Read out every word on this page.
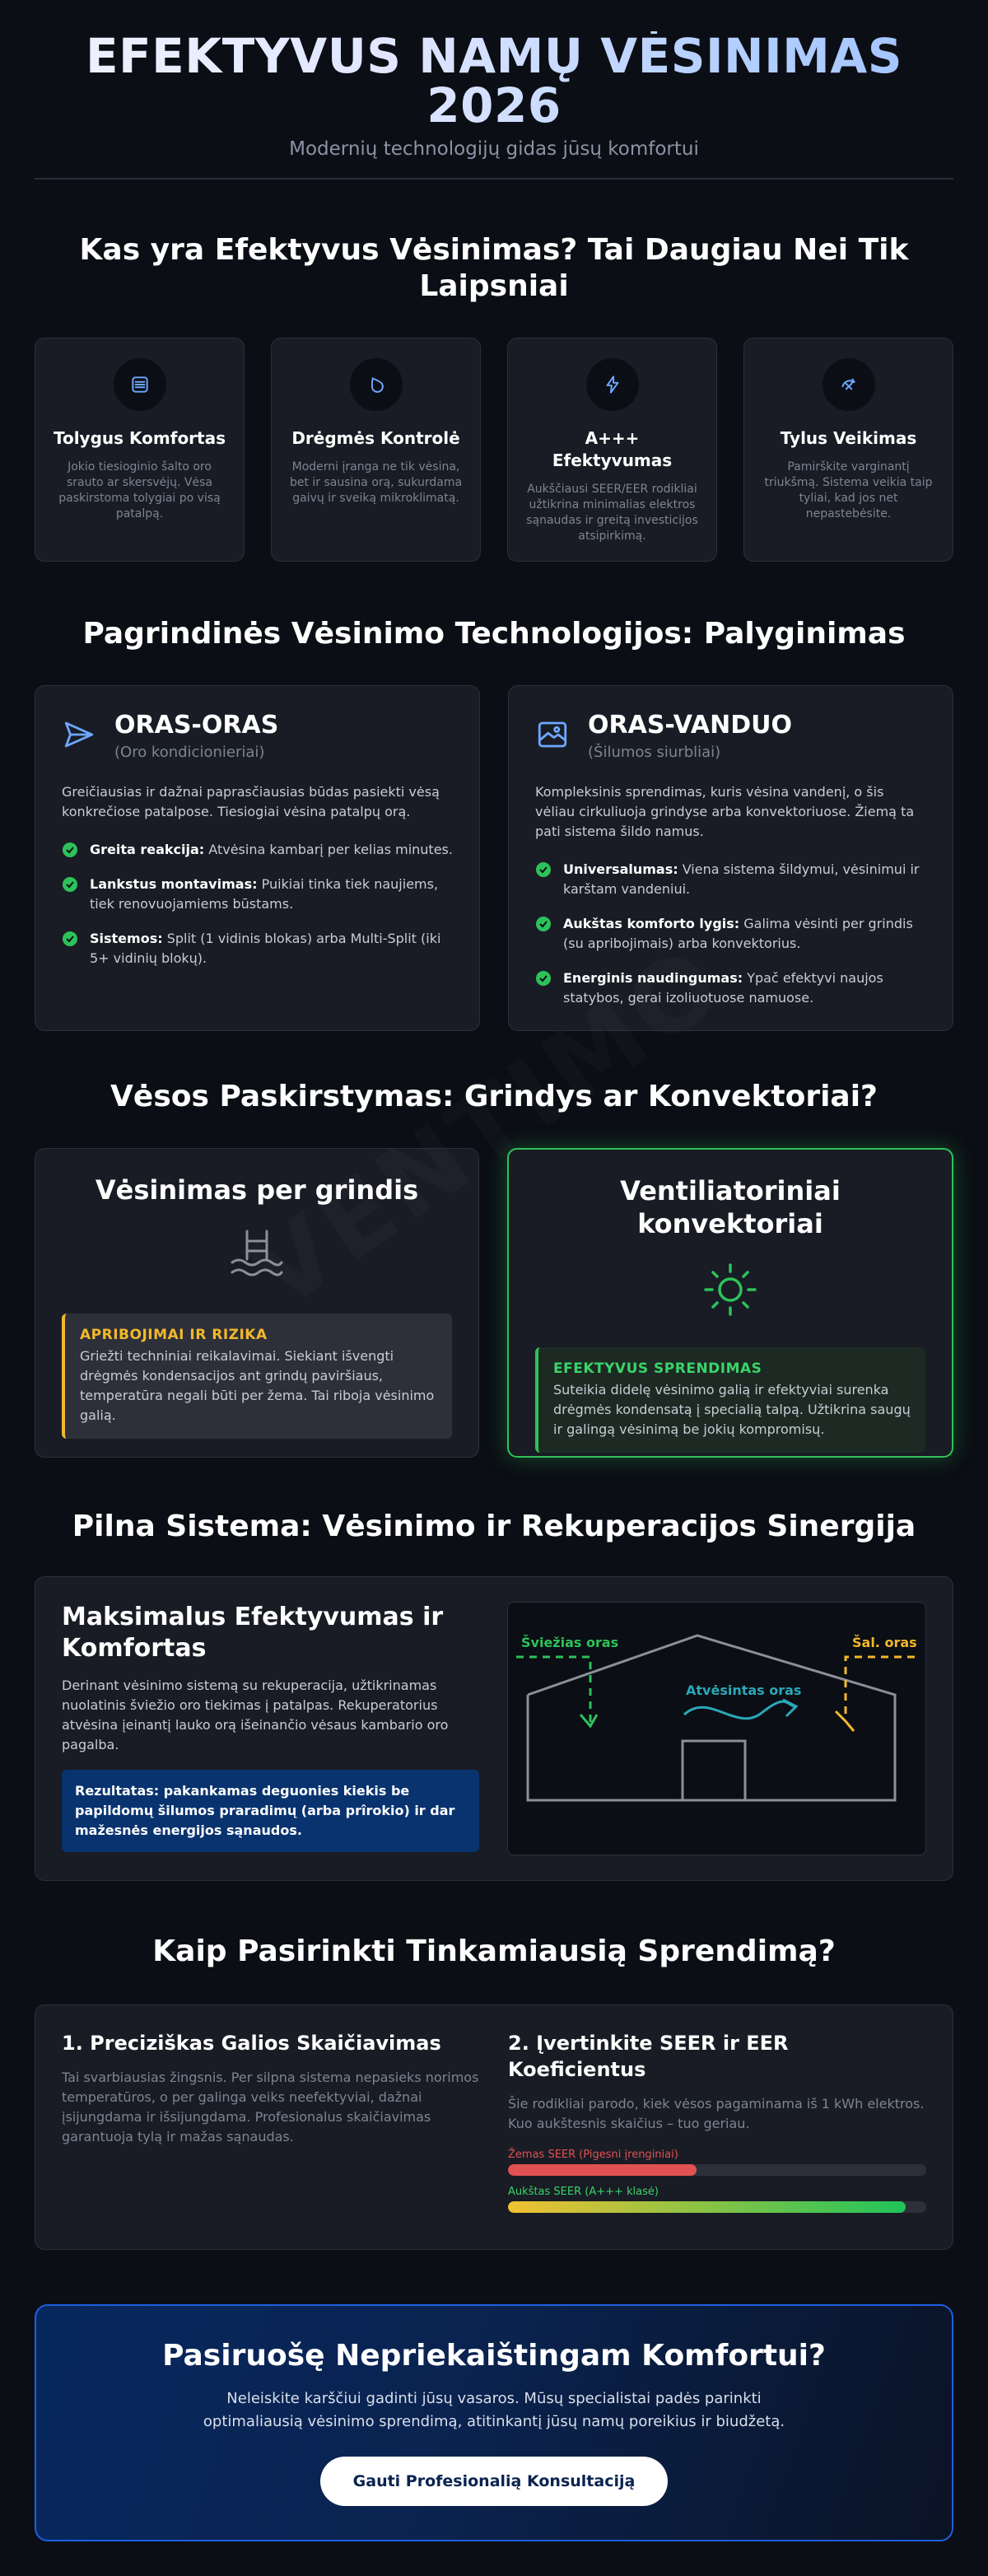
EFEKTYVUS NAMŲ VĖSINIMAS
2026
Modernių technologijų gidas jūsų komfortui
Kas yra Efektyvus Vėsinimas? Tai Daugiau Nei Tik Laipsniai
Tolygus Komfortas

Jokio tiesioginio šalto oro srauto ar skersvėjų. Vėsa paskirstoma tolygiai po visą patalpą.

Drėgmės Kontrolė

Moderni įranga ne tik vėsina, bet ir sausina orą, sukurdama gaivų ir sveiką mikroklimatą.

A+++ Efektyvumas

Aukščiausi SEER/EER rodikliai užtikrina minimalias elektros sąnaudas ir greitą investicijos atsipirkimą.

Tylus Veikimas

Pamirškite varginantį triukšmą. Sistema veikia taip tyliai, kad jos net nepastebėsite.

Pagrindinės Vėsinimo Technologijos: Palyginimas
ORAS-ORAS
(Oro kondicionieriai)

Greičiausias ir dažnai paprasčiausias būdas pasiekti vėsą konkrečiose patalpose. Tiesiogiai vėsina patalpų orą.

Greita reakcija: Atvėsina kambarį per kelias minutes.
Lankstus montavimas: Puikiai tinka tiek naujiems, tiek renovuojamiems būstams.
Sistemos: Split (1 vidinis blokas) arba Multi-Split (iki 5+ vidinių blokų).
ORAS-VANDUO
(Šilumos siurbliai)

Kompleksinis sprendimas, kuris vėsina vandenį, o šis vėliau cirkuliuoja grindyse arba konvektoriuose. Žiemą ta pati sistema šildo namus.

Universalumas: Viena sistema šildymui, vėsinimui ir karštam vandeniui.
Aukštas komforto lygis: Galima vėsinti per grindis (su apribojimais) arba konvektorius.
Energinis naudingumas: Ypač efektyvi naujos statybos, gerai izoliuotuose namuose.
Vėsos Paskirstymas: Grindys ar Konvektoriai?
Vėsinimas per grindis
APRIBOJIMAI IR RIZIKA

Griežti techniniai reikalavimai. Siekiant išvengti drėgmės kondensacijos ant grindų paviršiaus, temperatūra negali būti per žema. Tai riboja vėsinimo galią.

Ventiliatoriniai konvektoriai
EFEKTYVUS SPRENDIMAS

Suteikia didelę vėsinimo galią ir efektyviai surenka drėgmės kondensatą į specialią talpą. Užtikrina saugų ir galingą vėsinimą be jokių kompromisų.

Pilna Sistema: Vėsinimo ir Rekuperacijos Sinergija
Maksimalus Efektyvumas ir Komfortas

Derinant vėsinimo sistemą su rekuperacija, užtikrinamas nuolatinis šviežio oro tiekimas į patalpas. Rekuperatorius atvėsina įeinantį lauko orą išeinančio vėsaus kambario oro pagalba.

Rezultatas: pakankamas deguonies kiekis be papildomų šilumos praradimų (arba prîrokio) ir dar mažesnės energijos sąnaudos.
Šviežias oras
Atvėsintas oras
Šal. oras
Kaip Pasirinkti Tinkamiausią Sprendimą?
1. Preciziškas Galios Skaičiavimas

Tai svarbiausias žingsnis. Per silpna sistema nepasieks norimos temperatūros, o per galinga veiks neefektyviai, dažnai įsijungdama ir išsijungdama. Profesionalus skaičiavimas garantuoja tylą ir mažas sąnaudas.

2. Įvertinkite SEER ir EER Koeficientus

Šie rodikliai parodo, kiek vėsos pagaminama iš 1 kWh elektros. Kuo aukštesnis skaičius – tuo geriau.

Žemas SEER (Pigesni įrenginiai)
Aukštas SEER (A+++ klasė)
Pasiruošę Nepriekaištingam Komfortui?

Neleiskite karščiui gadinti jūsų vasaros. Mūsų specialistai padės parinkti optimaliausią vėsinimo sprendimą, atitinkantį jūsų namų poreikius ir biudžetą.

Gauti Profesionalią Konsultaciją
